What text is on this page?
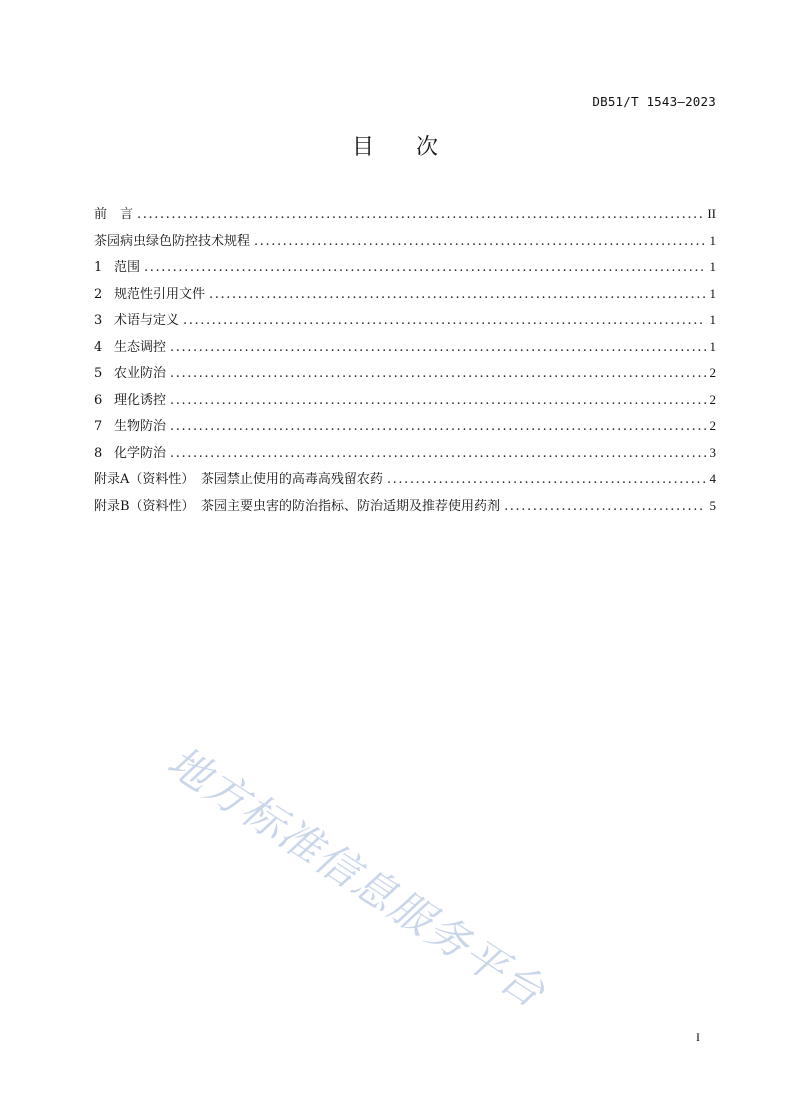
DB51/T 1543—2023
目 次
前　言 .....	II
茶园病虫绿色防控技术规程 .....	1
1 范围 .....	1
2 规范性引用文件 .....	1
3 术语与定义 .....	1
4 生态调控 .....	1
5 农业防治 .....	2
6 理化诱控 .....	2
7 生物防治 .....	2
8 化学防治 .....	3
附录A（资料性）　茶园禁止使用的高毒高残留农药 .....	4
附录B（资料性）　茶园主要虫害的防治指标、防治适期及推荐使用药剂 .....	5
地方标准信息服务平台
I
